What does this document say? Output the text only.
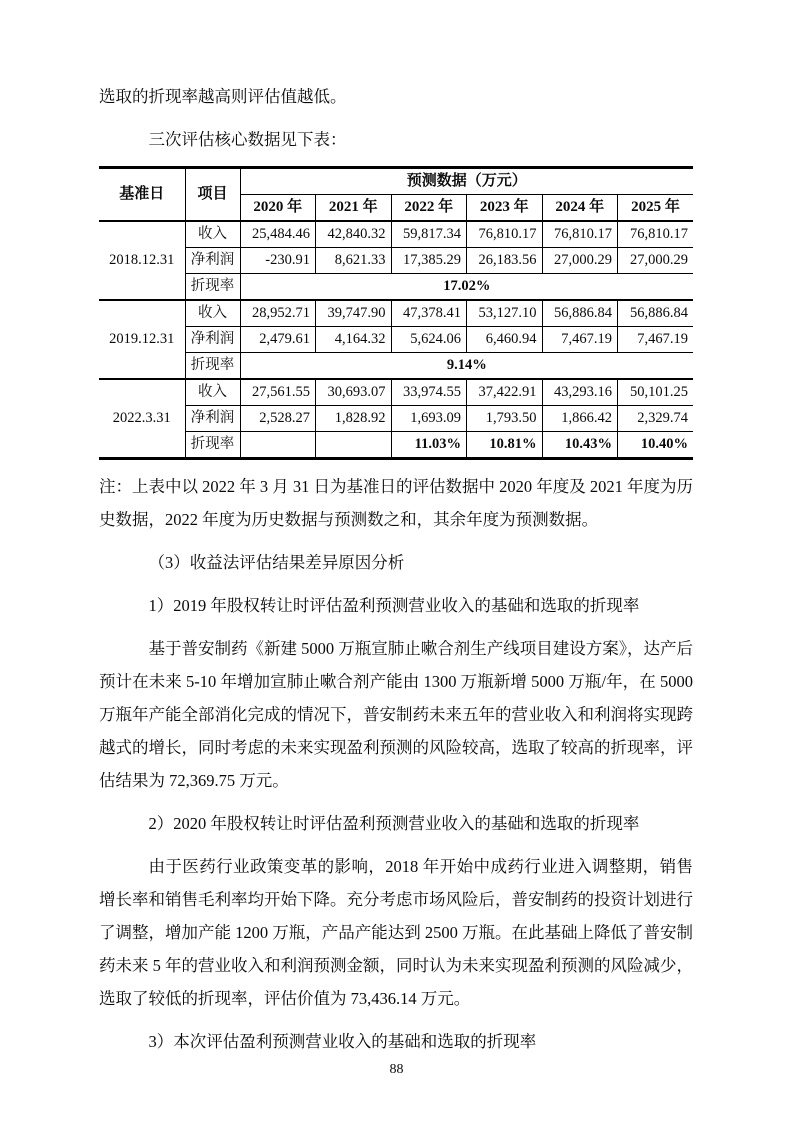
选取的折现率越高则评估值越低。

三次评估核心数据见下表：

基准日	项目	预测数据（万元）					
		2020 年	2021 年	2022 年	2023 年	2024 年	2025 年
2018.12.31	收入	25,484.46	42,840.32	59,817.34	76,810.17	76,810.17	76,810.17
	净利润	-230.91	8,621.33	17,385.29	26,183.56	27,000.29	27,000.29
	折现率	17.02%					
2019.12.31	收入	28,952.71	39,747.90	47,378.41	53,127.10	56,886.84	56,886.84
	净利润	2,479.61	4,164.32	5,624.06	6,460.94	7,467.19	7,467.19
	折现率	9.14%					
2022.3.31	收入	27,561.55	30,693.07	33,974.55	37,422.91	43,293.16	50,101.25
	净利润	2,528.27	1,828.92	1,693.09	1,793.50	1,866.42	2,329.74
	折现率			11.03%	10.81%	10.43%	10.40%

注：上表中以 2022 年 3 月 31 日为基准日的评估数据中 2020 年度及 2021 年度为历史数据，2022 年度为历史数据与预测数之和，其余年度为预测数据。

（3）收益法评估结果差异原因分析

1）2019 年股权转让时评估盈利预测营业收入的基础和选取的折现率

基于普安制药《新建 5000 万瓶宣肺止嗽合剂生产线项目建设方案》，达产后预计在未来 5-10 年增加宣肺止嗽合剂产能由 1300 万瓶新增 5000 万瓶/年，在 5000 万瓶年产能全部消化完成的情况下，普安制药未来五年的营业收入和利润将实现跨越式的增长，同时考虑的未来实现盈利预测的风险较高，选取了较高的折现率，评估结果为 72,369.75 万元。

2）2020 年股权转让时评估盈利预测营业收入的基础和选取的折现率

由于医药行业政策变革的影响，2018 年开始中成药行业进入调整期，销售增长率和销售毛利率均开始下降。充分考虑市场风险后，普安制药的投资计划进行了调整，增加产能 1200 万瓶，产品产能达到 2500 万瓶。在此基础上降低了普安制药未来 5 年的营业收入和利润预测金额，同时认为未来实现盈利预测的风险减少，选取了较低的折现率，评估价值为 73,436.14 万元。

3）本次评估盈利预测营业收入的基础和选取的折现率

88
